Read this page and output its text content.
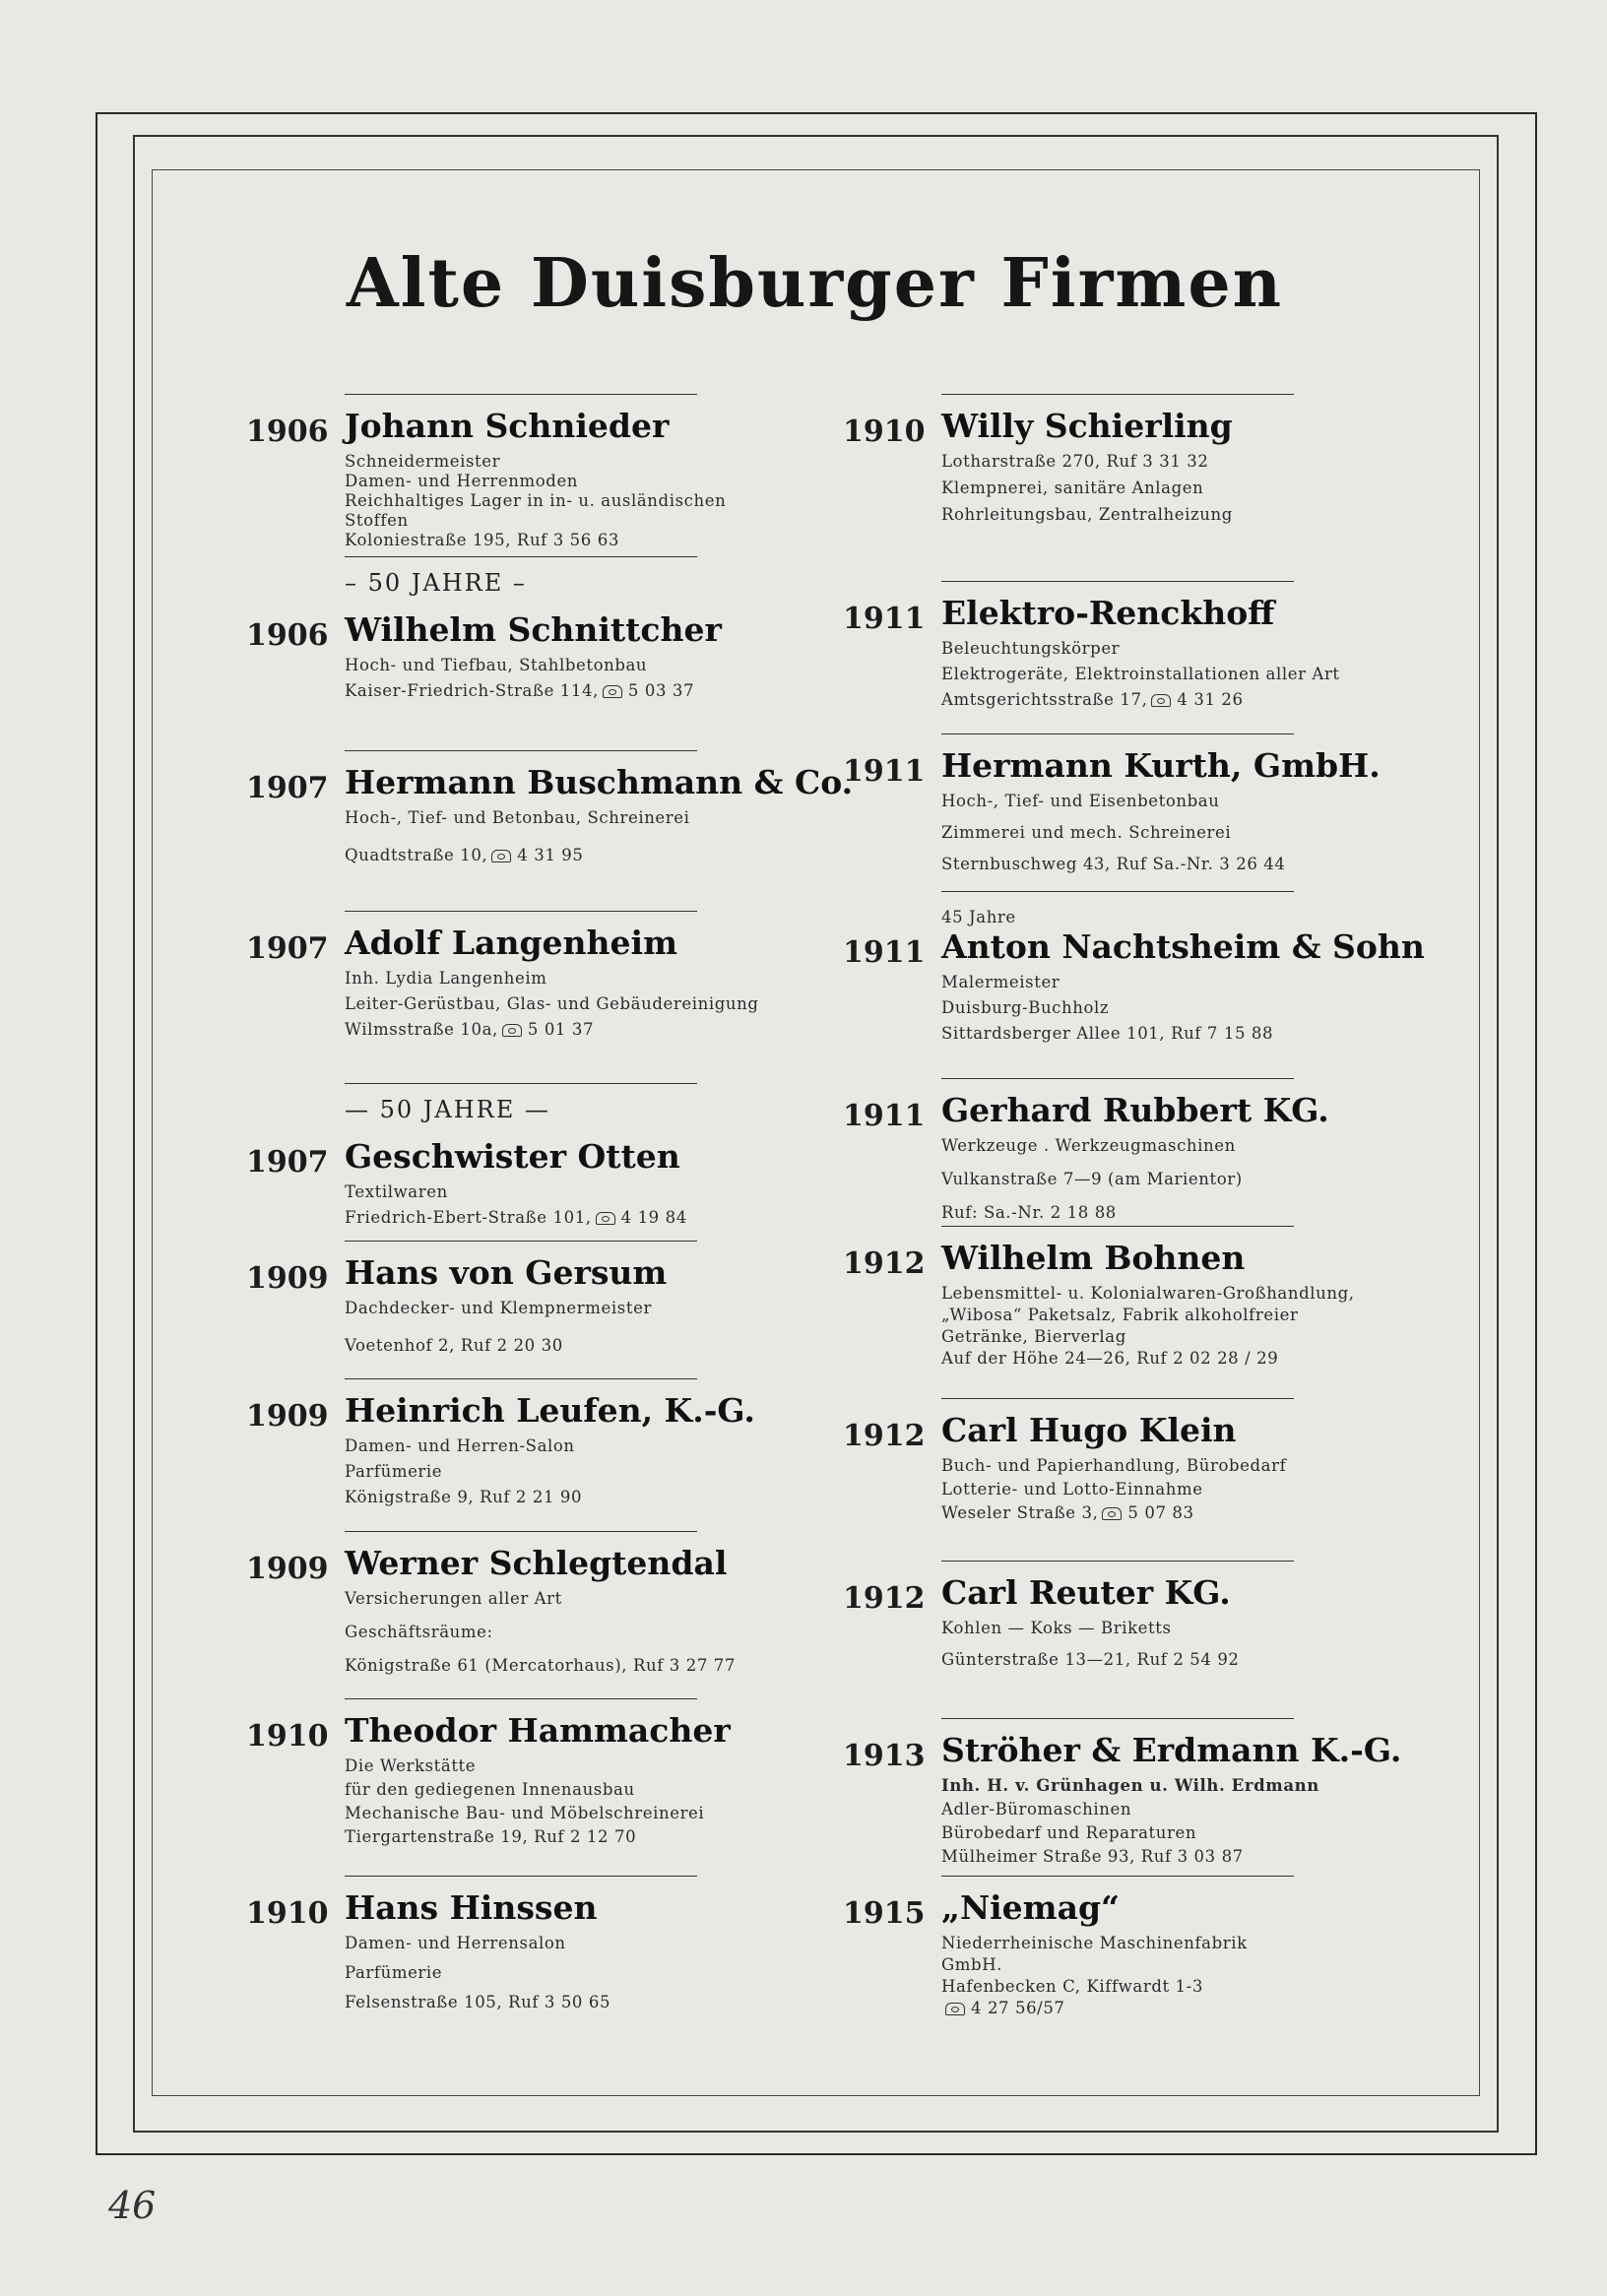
Alte Duisburger Firmen
1906 Johann Schnieder
Schneidermeister
Damen- und Herrenmoden
Reichhaltiges Lager in in- u. ausländischen
Stoffen
Koloniestraße 195, Ruf 3 56 63
– 50 JAHRE –
1906 Wilhelm Schnittcher
Hoch- und Tiefbau, Stahlbetonbau
Kaiser-Friedrich-Straße 114, 5 03 37
1907 Hermann Buschmann & Co.
Hoch-, Tief- und Betonbau, Schreinerei
Quadtstraße 10, 4 31 95
1907 Adolf Langenheim
Inh. Lydia Langenheim
Leiter-Gerüstbau, Glas- und Gebäudereinigung
Wilmsstraße 10a, 5 01 37
— 50 JAHRE —
1907 Geschwister Otten
Textilwaren
Friedrich-Ebert-Straße 101, 4 19 84
1909 Hans von Gersum
Dachdecker- und Klempnermeister
Voetenhof 2, Ruf 2 20 30
1909 Heinrich Leufen, K.-G.
Damen- und Herren-Salon
Parfümerie
Königstraße 9, Ruf 2 21 90
1909 Werner Schlegtendal
Versicherungen aller Art
Geschäftsräume:
Königstraße 61 (Mercatorhaus), Ruf 3 27 77
1910 Theodor Hammacher
Die Werkstätte
für den gediegenen Innenausbau
Mechanische Bau- und Möbelschreinerei
Tiergartenstraße 19, Ruf 2 12 70
1910 Hans Hinssen
Damen- und Herrensalon
Parfümerie
Felsenstraße 105, Ruf 3 50 65
1910 Willy Schierling
Lotharstraße 270, Ruf 3 31 32
Klempnerei, sanitäre Anlagen
Rohrleitungsbau, Zentralheizung
1911 Elektro-Renckhoff
Beleuchtungskörper
Elektrogeräte, Elektroinstallationen aller Art
Amtsgerichtsstraße 17, 4 31 26
1911 Hermann Kurth, GmbH.
Hoch-, Tief- und Eisenbetonbau
Zimmerei und mech. Schreinerei
Sternbuschweg 43, Ruf Sa.-Nr. 3 26 44
45 Jahre
1911 Anton Nachtsheim & Sohn
Malermeister
Duisburg-Buchholz
Sittardsberger Allee 101, Ruf 7 15 88
1911 Gerhard Rubbert KG.
Werkzeuge . Werkzeugmaschinen
Vulkanstraße 7—9 (am Marientor)
Ruf: Sa.-Nr. 2 18 88
1912 Wilhelm Bohnen
Lebensmittel- u. Kolonialwaren-Großhandlung,
„Wibosa“ Paketsalz, Fabrik alkoholfreier
Getränke, Bierverlag
Auf der Höhe 24—26, Ruf 2 02 28 / 29
1912 Carl Hugo Klein
Buch- und Papierhandlung, Bürobedarf
Lotterie- und Lotto-Einnahme
Weseler Straße 3, 5 07 83
1912 Carl Reuter KG.
Kohlen — Koks — Briketts
Günterstraße 13—21, Ruf 2 54 92
1913 Ströher & Erdmann K.-G.
Inh. H. v. Grünhagen u. Wilh. Erdmann
Adler-Büromaschinen
Bürobedarf und Reparaturen
Mülheimer Straße 93, Ruf 3 03 87
1915 „Niemag“
Niederrheinische Maschinenfabrik
GmbH.
Hafenbecken C, Kiffwardt 1-3
4 27 56/57
46
